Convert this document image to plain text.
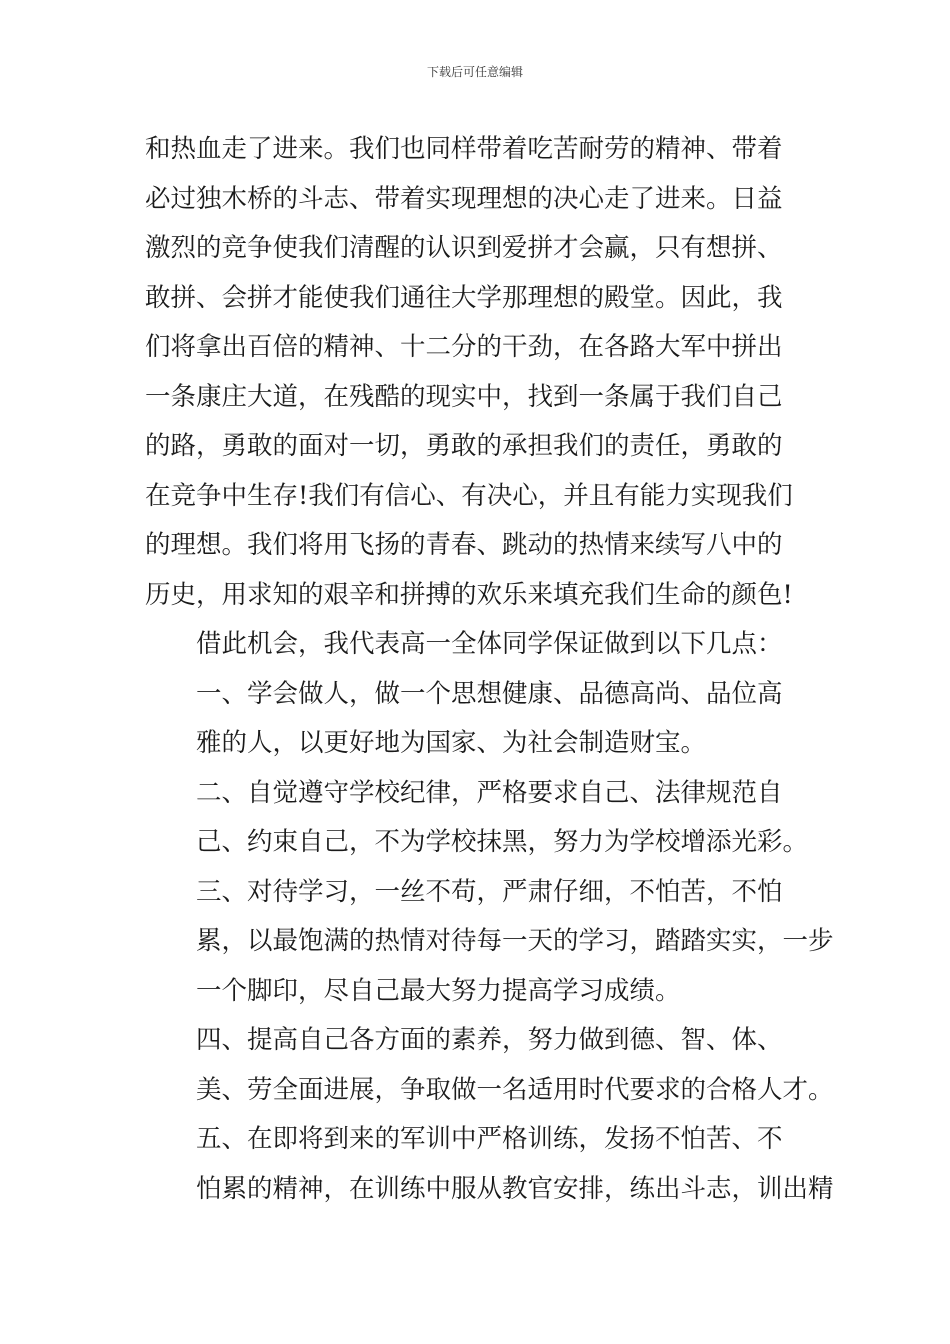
下载后可任意编辑

和热血走了进来。我们也同样带着吃苦耐劳的精神、带着
必过独木桥的斗志、带着实现理想的决心走了进来。日益
激烈的竞争使我们清醒的认识到爱拼才会赢，只有想拼、
敢拼、会拼才能使我们通往大学那理想的殿堂。因此，我
们将拿出百倍的精神、十二分的干劲，在各路大军中拼出
一条康庄大道，在残酷的现实中，找到一条属于我们自己
的路，勇敢的面对一切，勇敢的承担我们的责任，勇敢的
在竞争中生存!我们有信心、有决心，并且有能力实现我们
的理想。我们将用飞扬的青春、跳动的热情来续写八中的
历史，用求知的艰辛和拼搏的欢乐来填充我们生命的颜色!

借此机会，我代表高一全体同学保证做到以下几点：

一、学会做人，做一个思想健康、品德高尚、品位高
雅的人，以更好地为国家、为社会制造财宝。

二、自觉遵守学校纪律，严格要求自己、法律规范自
己、约束自己，不为学校抹黑，努力为学校增添光彩。

三、对待学习，一丝不苟，严肃仔细，不怕苦，不怕
累，以最饱满的热情对待每一天的学习，踏踏实实，一步
一个脚印，尽自己最大努力提高学习成绩。

四、提高自己各方面的素养，努力做到德、智、体、
美、劳全面进展，争取做一名适用时代要求的合格人才。

五、在即将到来的军训中严格训练，发扬不怕苦、不
怕累的精神，在训练中服从教官安排，练出斗志，训出精
